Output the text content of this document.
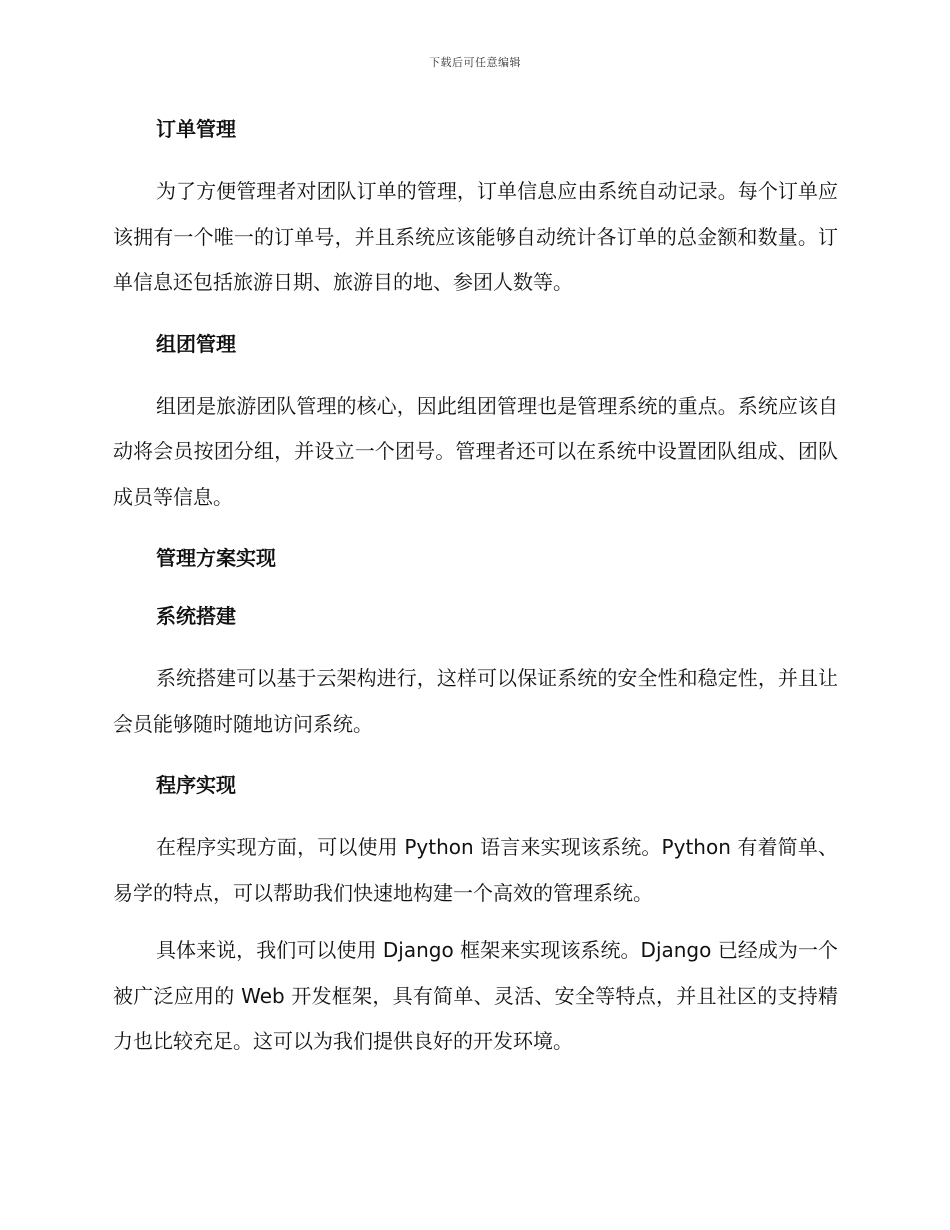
下载后可任意编辑
订单管理

为了方便管理者对团队订单的管理，订单信息应由系统自动记录。每个订单应该拥有一个唯一的订单号，并且系统应该能够自动统计各订单的总金额和数量。订单信息还包括旅游日期、旅游目的地、参团人数等。

组团管理

组团是旅游团队管理的核心，因此组团管理也是管理系统的重点。系统应该自动将会员按团分组，并设立一个团号。管理者还可以在系统中设置团队组成、团队成员等信息。

管理方案实现
系统搭建

系统搭建可以基于云架构进行，这样可以保证系统的安全性和稳定性，并且让会员能够随时随地访问系统。

程序实现

在程序实现方面，可以使用 Python 语言来实现该系统。Python 有着简单、易学的特点，可以帮助我们快速地构建一个高效的管理系统。

具体来说，我们可以使用 Django 框架来实现该系统。Django 已经成为一个被广泛应用的 Web 开发框架，具有简单、灵活、安全等特点，并且社区的支持精力也比较充足。这可以为我们提供良好的开发环境。
